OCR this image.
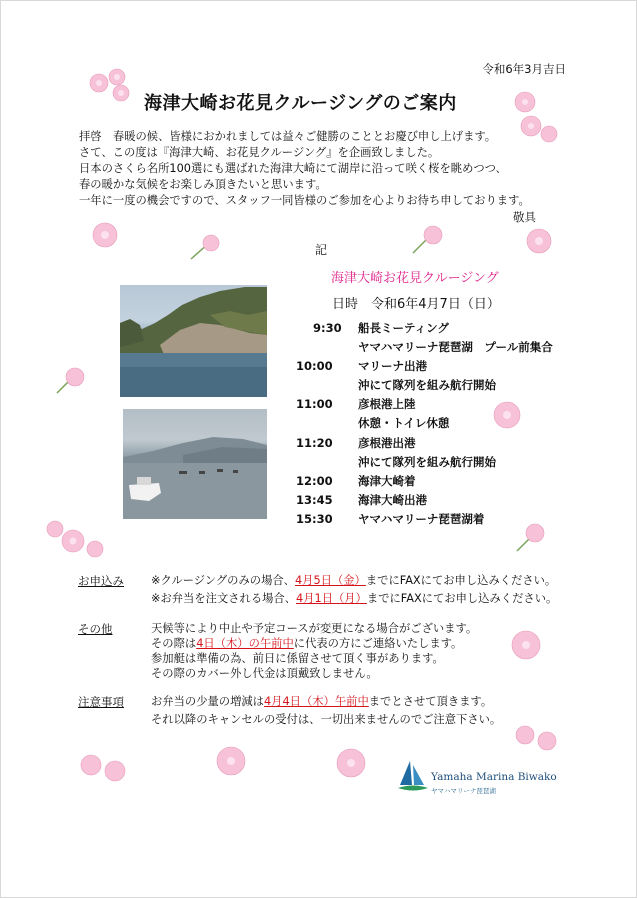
令和6年3月吉日
海津大崎お花見クルージングのご案内
拝啓　春暖の候、皆様におかれましては益々ご健勝のこととお慶び申し上げます。
さて、この度は『海津大崎、お花見クルージング』を企画致しました。
日本のさくら名所100選にも選ばれた海津大崎にて湖岸に沿って咲く桜を眺めつつ、
春の暖かな気候をお楽しみ頂きたいと思います。
一年に一度の機会ですので、スタッフ一同皆様のご参加を心よりお待ち申しております。
敬具
記
海津大崎お花見クルージング
日時　令和6年4月7日（日）
9:30	船長ミーティング
ヤマハマリーナ琵琶湖　プール前集合
10:00	マリーナ出港
沖にて隊列を組み航行開始
11:00	彦根港上陸
休憩・トイレ休憩
11:20	彦根港出港
沖にて隊列を組み航行開始
12:00	海津大崎着
13:45	海津大崎出港
15:30	ヤマハマリーナ琵琶湖着
お申込み ※クルージングのみの場合、4月5日（金）までにFAXにてお申し込みください。
※お弁当を注文される場合、4月1日（月）までにFAXにてお申し込みください。
その他	天候等により中止や予定コースが変更になる場合がございます。
その際は4日（木）の午前中に代表の方にご連絡いたします。
参加艇は準備の為、前日に係留させて頂く事があります。
その際のカバー外し代金は頂戴致しません。
注意事項 お弁当の少量の増減は4月4日（木）午前中までとさせて頂きます。
それ以降のキャンセルの受付は、一切出来ませんのでご注意下さい。
Yamaha Marina Biwako
ヤマハマリーナ琵琶湖
